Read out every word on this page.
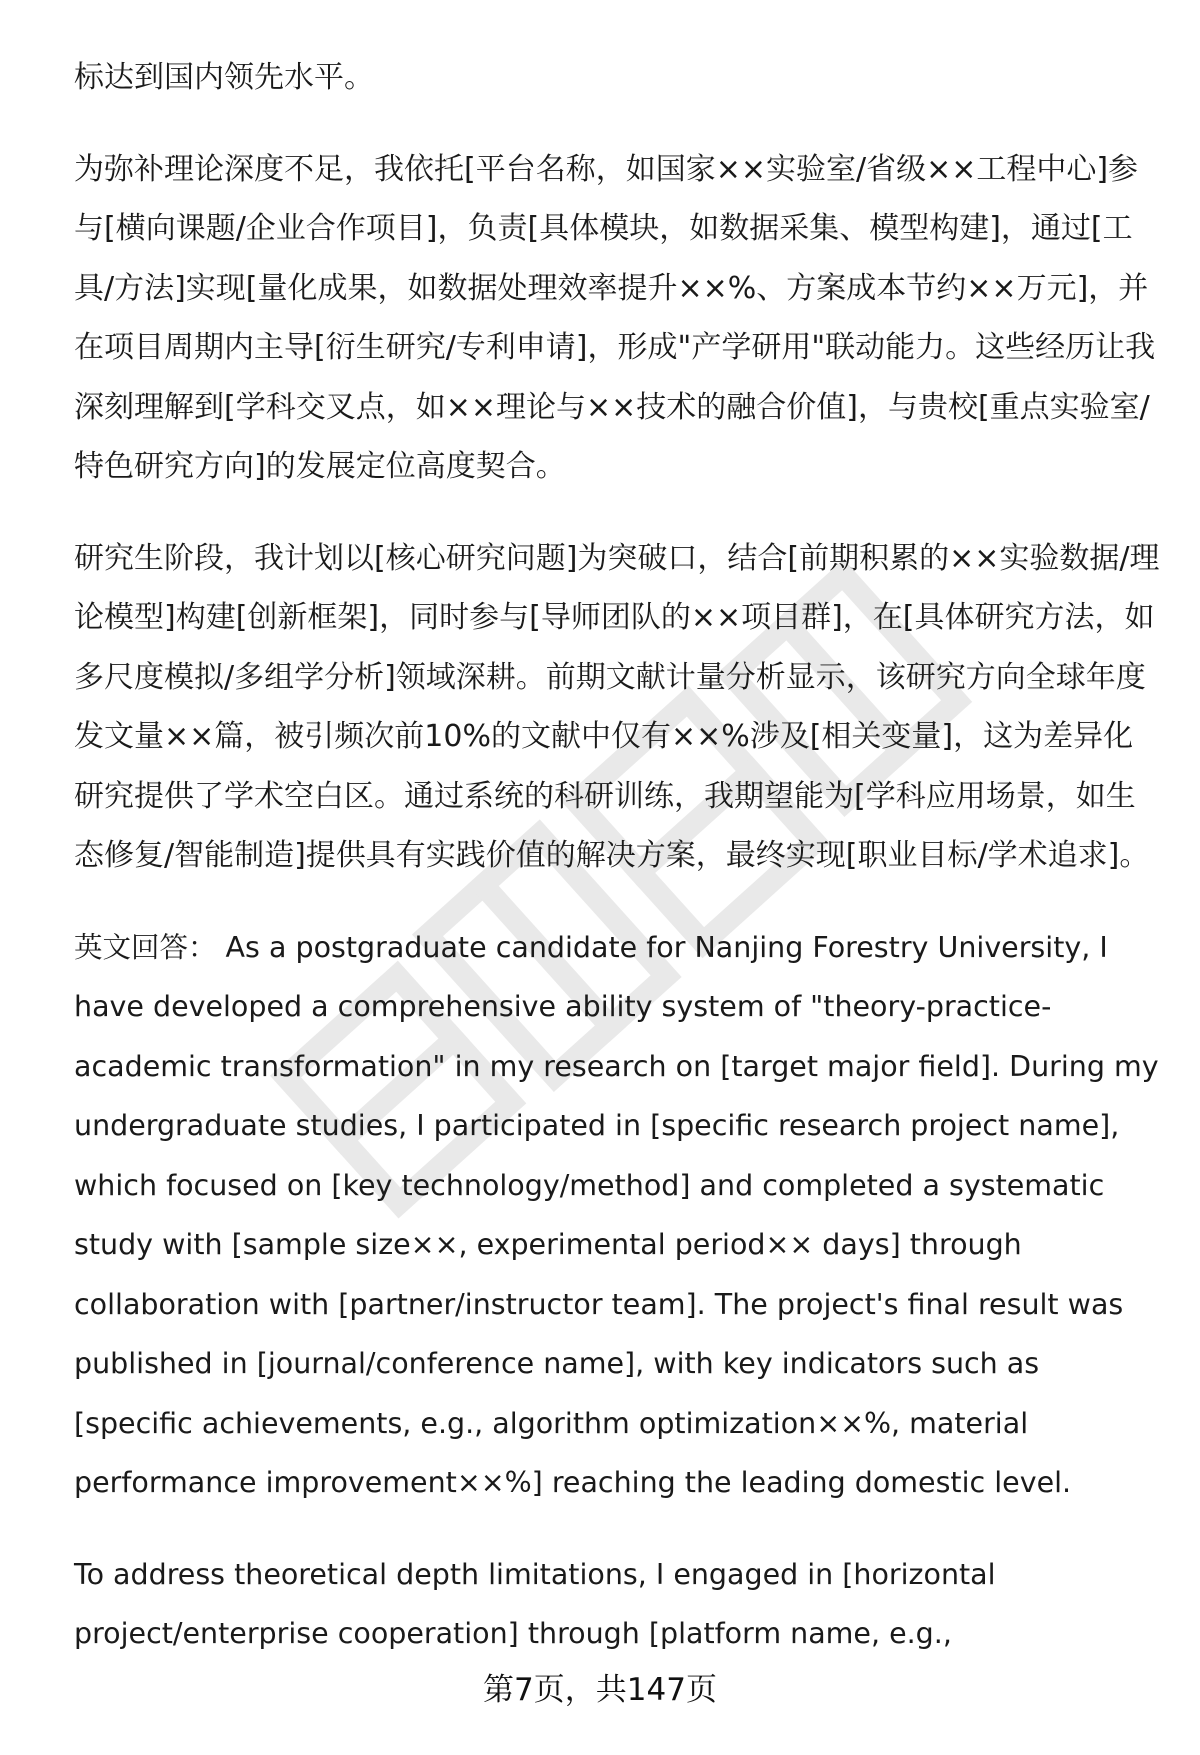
标达到国内领先水平。

为弥补理论深度不足，我依托[平台名称，如国家××实验室/省级××工程中心]参与[横向课题/企业合作项目]，负责[具体模块，如数据采集、模型构建]，通过[工具/方法]实现[量化成果，如数据处理效率提升××%、方案成本节约××万元]，并在项目周期内主导[衍生研究/专利申请]，形成"产学研用"联动能力。这些经历让我深刻理解到[学科交叉点，如××理论与××技术的融合价值]，与贵校[重点实验室/特色研究方向]的发展定位高度契合。

研究生阶段，我计划以[核心研究问题]为突破口，结合[前期积累的××实验数据/理论模型]构建[创新框架]，同时参与[导师团队的××项目群]，在[具体研究方法，如多尺度模拟/多组学分析]领域深耕。前期文献计量分析显示，该研究方向全球年度发文量××篇，被引频次前10%的文献中仅有××%涉及[相关变量]，这为差异化研究提供了学术空白区。通过系统的科研训练，我期望能为[学科应用场景，如生态修复/智能制造]提供具有实践价值的解决方案，最终实现[职业目标/学术追求]。

英文回答： As a postgraduate candidate for Nanjing Forestry University, I have developed a comprehensive ability system of "theory-practice-academic transformation" in my research on [target major field]. During my undergraduate studies, I participated in [specific research project name], which focused on [key technology/method] and completed a systematic study with [sample size××, experimental period×× days] through collaboration with [partner/instructor team]. The project's final result was published in [journal/conference name], with key indicators such as [specific achievements, e.g., algorithm optimization××%, material performance improvement××%] reaching the leading domestic level.

To address theoretical depth limitations, I engaged in [horizontal project/enterprise cooperation] through [platform name, e.g.,

第7页，共147页
